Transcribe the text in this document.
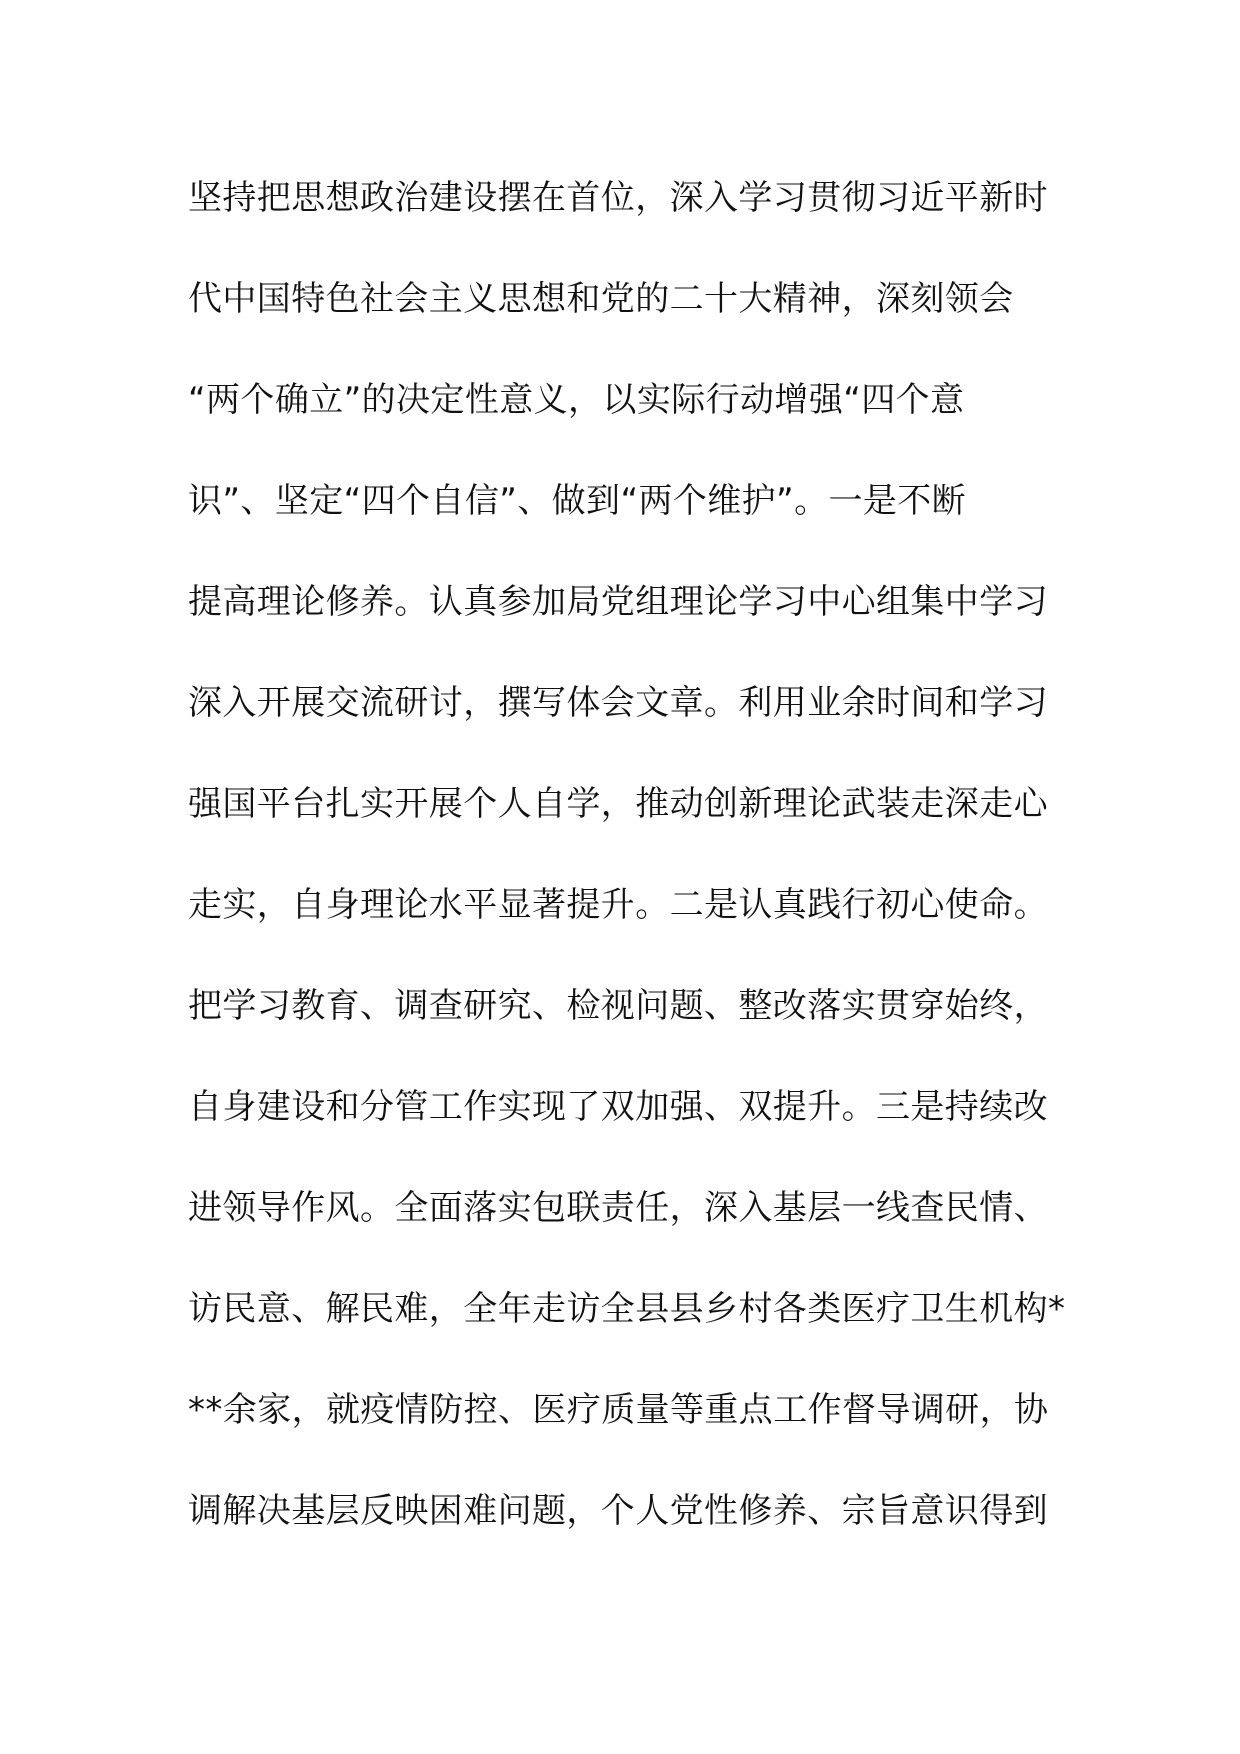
坚持把思想政治建设摆在首位，深入学习贯彻习近平新时
代中国特色社会主义思想和党的二十大精神，深刻领会
“两个确立”的决定性意义，以实际行动增强“四个意
识”、坚定“四个自信”、做到“两个维护”。一是不断
提高理论修养。认真参加局党组理论学习中心组集中学习
深入开展交流研讨，撰写体会文章。利用业余时间和学习
强国平台扎实开展个人自学，推动创新理论武装走深走心
走实，自身理论水平显著提升。二是认真践行初心使命。
把学习教育、调查研究、检视问题、整改落实贯穿始终，
自身建设和分管工作实现了双加强、双提升。三是持续改
进领导作风。全面落实包联责任，深入基层一线查民情、
访民意、解民难，全年走访全县县乡村各类医疗卫生机构*
**余家，就疫情防控、医疗质量等重点工作督导调研，协
调解决基层反映困难问题，个人党性修养、宗旨意识得到
